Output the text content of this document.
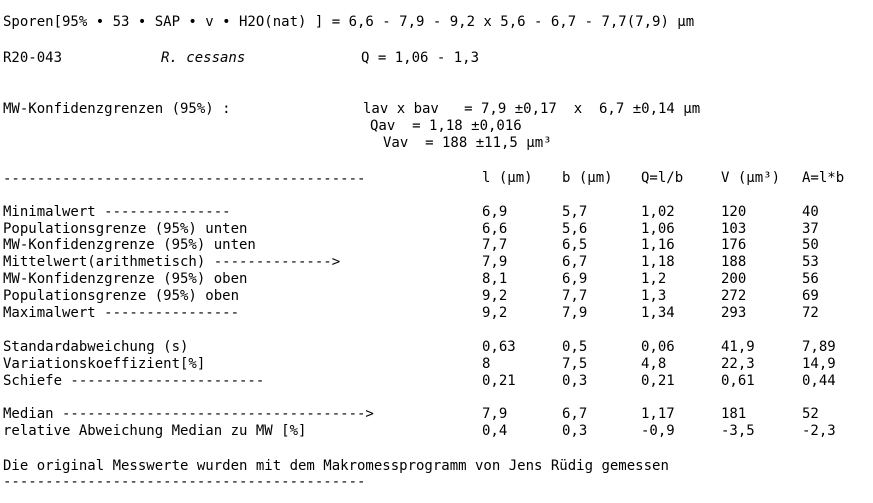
Sporen[95% • 53 • SAP • v • H2O(nat) ] = 6,6 - 7,9 - 9,2 x 5,6 - 6,7 - 7,7(7,9) µm
R20-043	R. cessans	Q = 1,06 - 1,3
MW-Konfidenzgrenzen (95%) :	lav x bav   = 7,9 ±0,17  x  6,7 ±0,14 µm
Qav  = 1,18 ±0,016
Vav  = 188 ±11,5 µm³
-------------------------------------------	l (µm) b (µm) Q=l/b	V (µm³) A=l*b
Minimalwert ---------------	6,9	5,7	1,02	120	40
Populationsgrenze (95%) unten	6,6	5,6	1,06	103	37
MW-Konfidenzgrenze (95%) unten	7,7	6,5	1,16	176	50
Mittelwert(arithmetisch) -------------->	7,9	6,7	1,18	188	53
MW-Konfidenzgrenze (95%) oben	8,1	6,9	1,2	200	56
Populationsgrenze (95%) oben	9,2	7,7	1,3	272	69
Maximalwert ----------------	9,2	7,9	1,34	293	72
Standardabweichung (s)	0,63	0,5	0,06	41,9	7,89
Variationskoeffizient[%]	8	7,5	4,8	22,3	14,9
Schiefe -----------------------	0,21	0,3	0,21	0,61	0,44
Median ------------------------------------>	7,9	6,7	1,17	181	52
relative Abweichung Median zu MW [%]	0,4	0,3	-0,9	-3,5	-2,3
Die original Messwerte wurden mit dem Makromessprogramm von Jens Rüdig gemessen
-------------------------------------------
